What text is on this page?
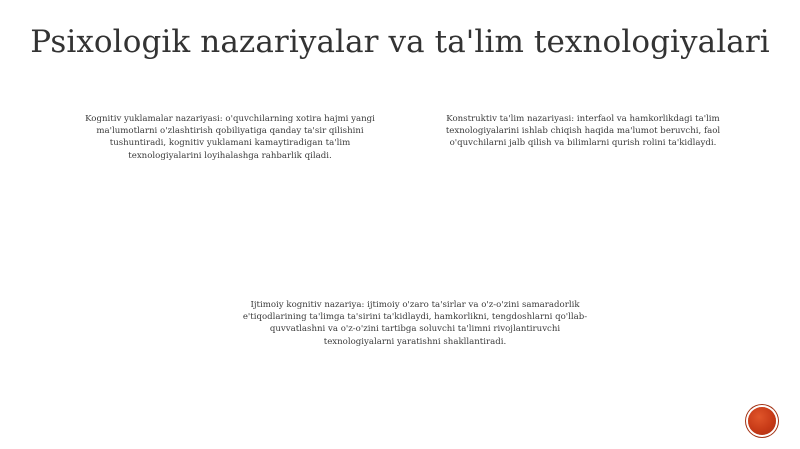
Psixologik nazariyalar va ta'lim texnologiyalari

Kognitiv yuklamalar nazariyasi: o'quvchilarning xotira hajmi yangi ma'lumotlarni o'zlashtirish qobiliyatiga qanday ta'sir qilishini tushuntiradi, kognitiv yuklamani kamaytiradigan ta'lim texnologiyalarini loyihalashga rahbarlik qiladi.

Konstruktiv ta'lim nazariyasi: interfaol va hamkorlikdagi ta'lim texnologiyalarini ishlab chiqish haqida ma'lumot beruvchi, faol o'quvchilarni jalb qilish va bilimlarni qurish rolini ta'kidlaydi.

Ijtimoiy kognitiv nazariya: ijtimoiy o'zaro ta'sirlar va o'z-o'zini samaradorlik e'tiqodlarining ta'limga ta'sirini ta'kidlaydi, hamkorlikni, tengdoshlarni qo'llab-quvvatlashni va o'z-o'zini tartibga soluvchi ta'limni rivojlantiruvchi texnologiyalarni yaratishni shakllantiradi.
